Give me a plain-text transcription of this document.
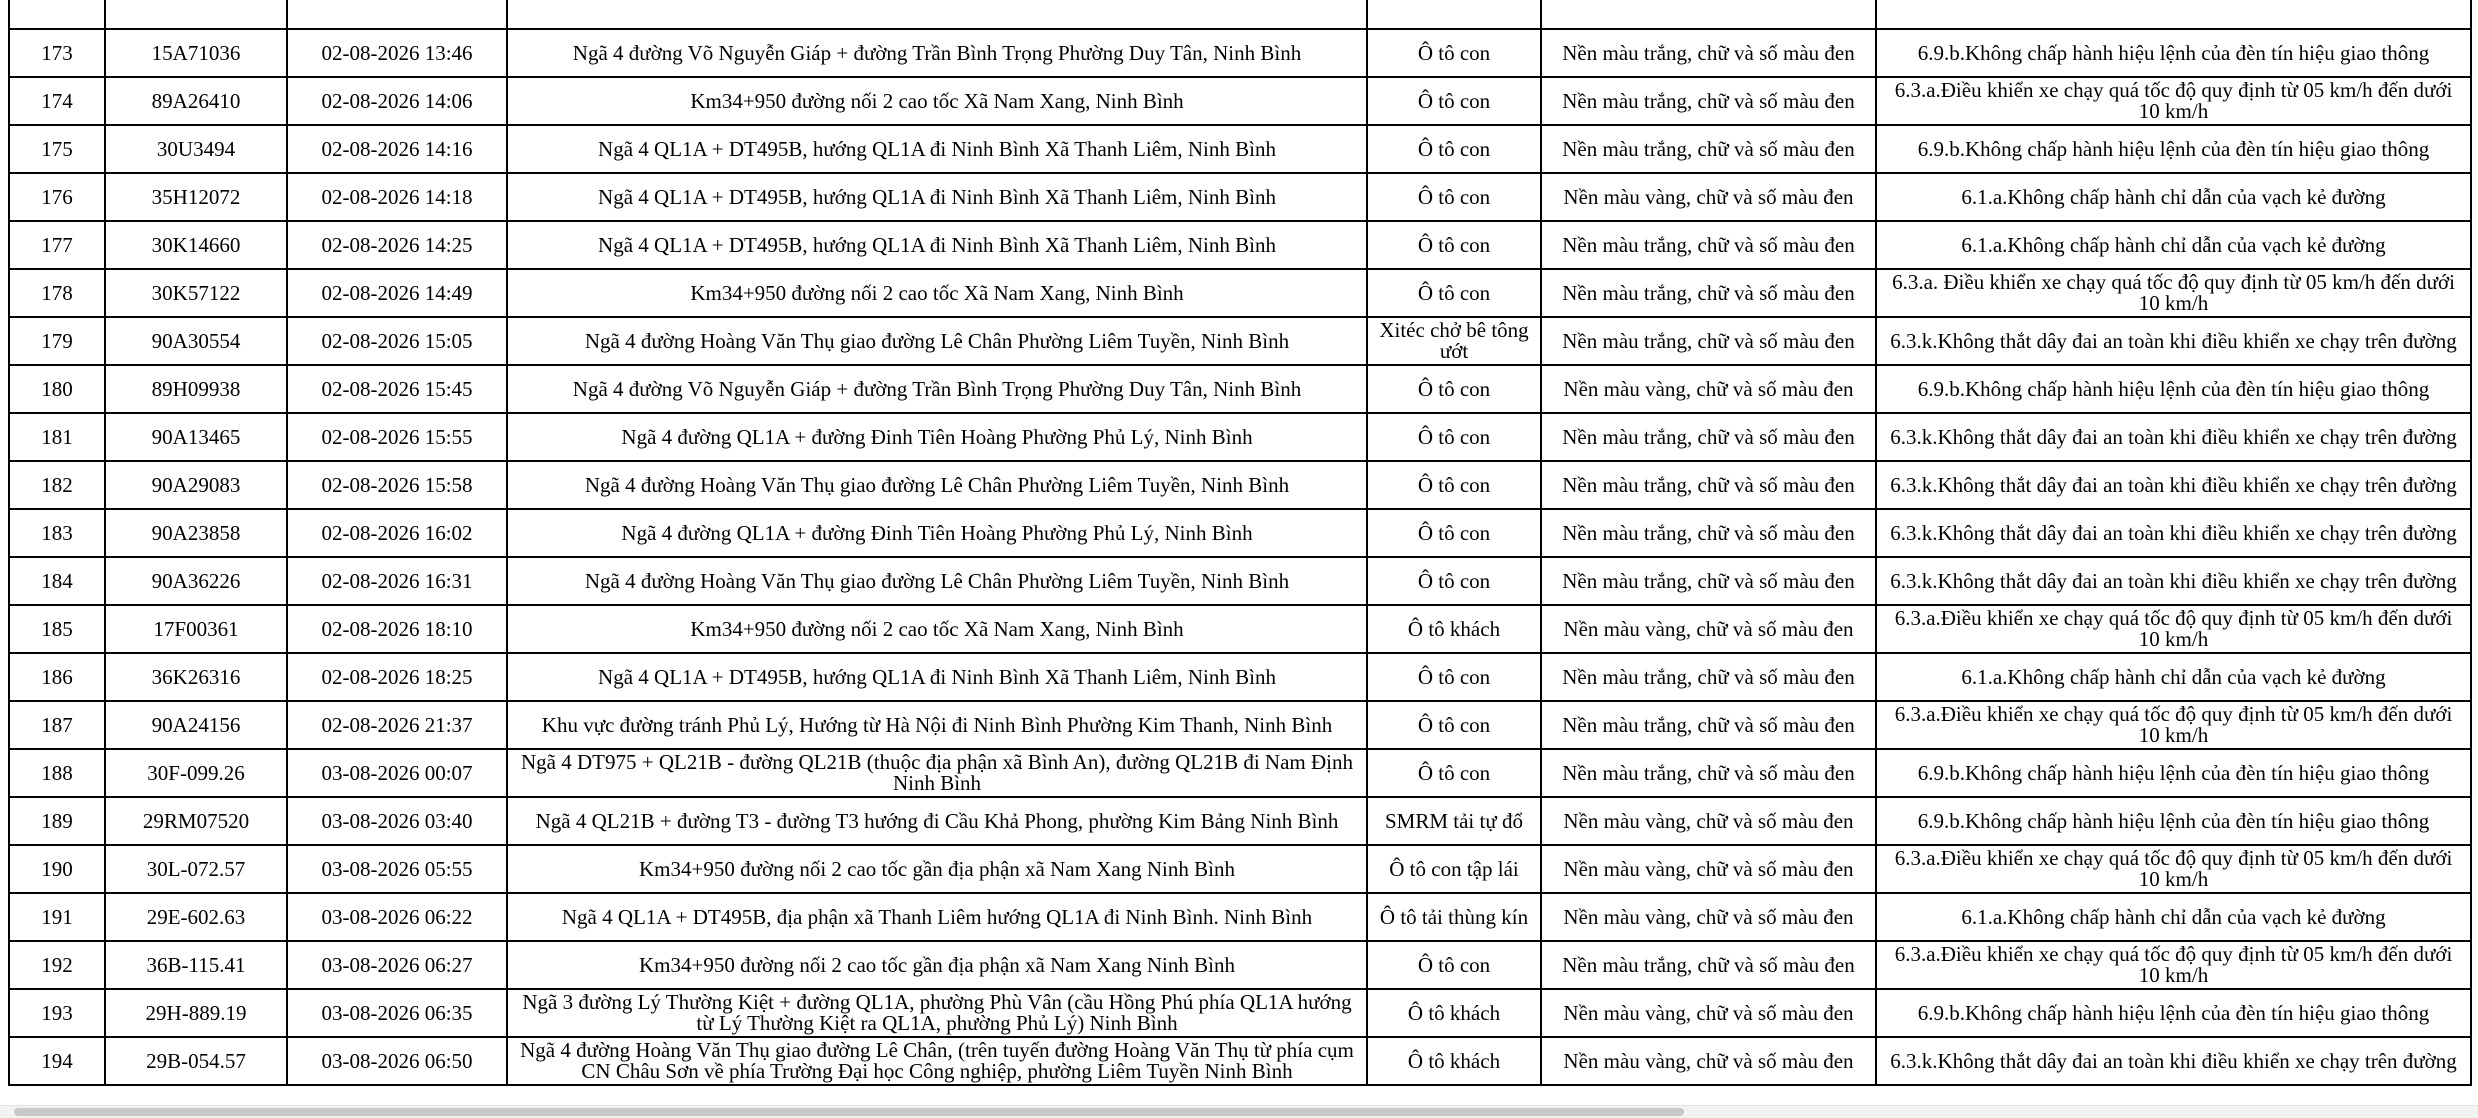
173	15A71036	02-08-2026 13:46	Ngã 4 đường Võ Nguyễn Giáp + đường Trần Bình Trọng Phường Duy Tân, Ninh Bình	Ô tô con	Nền màu trắng, chữ và số màu đen	6.9.b.Không chấp hành hiệu lệnh của đèn tín hiệu giao thông
174	89A26410	02-08-2026 14:06	Km34+950 đường nối 2 cao tốc Xã Nam Xang, Ninh Bình	Ô tô con	Nền màu trắng, chữ và số màu đen	6.3.a.Điều khiển xe chạy quá tốc độ quy định từ 05 km/h đến dưới 10 km/h
175	30U3494	02-08-2026 14:16	Ngã 4 QL1A + DT495B, hướng QL1A đi Ninh Bình Xã Thanh Liêm, Ninh Bình	Ô tô con	Nền màu trắng, chữ và số màu đen	6.9.b.Không chấp hành hiệu lệnh của đèn tín hiệu giao thông
176	35H12072	02-08-2026 14:18	Ngã 4 QL1A + DT495B, hướng QL1A đi Ninh Bình Xã Thanh Liêm, Ninh Bình	Ô tô con	Nền màu vàng, chữ và số màu đen	6.1.a.Không chấp hành chỉ dẫn của vạch kẻ đường
177	30K14660	02-08-2026 14:25	Ngã 4 QL1A + DT495B, hướng QL1A đi Ninh Bình Xã Thanh Liêm, Ninh Bình	Ô tô con	Nền màu trắng, chữ và số màu đen	6.1.a.Không chấp hành chỉ dẫn của vạch kẻ đường
178	30K57122	02-08-2026 14:49	Km34+950 đường nối 2 cao tốc Xã Nam Xang, Ninh Bình	Ô tô con	Nền màu trắng, chữ và số màu đen	6.3.a. Điều khiển xe chạy quá tốc độ quy định từ 05 km/h đến dưới 10 km/h
179	90A30554	02-08-2026 15:05	Ngã 4 đường Hoàng Văn Thụ giao đường Lê Chân Phường Liêm Tuyền, Ninh Bình	Xitéc chở bê tông ướt	Nền màu trắng, chữ và số màu đen	6.3.k.Không thắt dây đai an toàn khi điều khiển xe chạy trên đường
180	89H09938	02-08-2026 15:45	Ngã 4 đường Võ Nguyễn Giáp + đường Trần Bình Trọng Phường Duy Tân, Ninh Bình	Ô tô con	Nền màu vàng, chữ và số màu đen	6.9.b.Không chấp hành hiệu lệnh của đèn tín hiệu giao thông
181	90A13465	02-08-2026 15:55	Ngã 4 đường QL1A + đường Đinh Tiên Hoàng Phường Phủ Lý, Ninh Bình	Ô tô con	Nền màu trắng, chữ và số màu đen	6.3.k.Không thắt dây đai an toàn khi điều khiển xe chạy trên đường
182	90A29083	02-08-2026 15:58	Ngã 4 đường Hoàng Văn Thụ giao đường Lê Chân Phường Liêm Tuyền, Ninh Bình	Ô tô con	Nền màu trắng, chữ và số màu đen	6.3.k.Không thắt dây đai an toàn khi điều khiển xe chạy trên đường
183	90A23858	02-08-2026 16:02	Ngã 4 đường QL1A + đường Đinh Tiên Hoàng Phường Phủ Lý, Ninh Bình	Ô tô con	Nền màu trắng, chữ và số màu đen	6.3.k.Không thắt dây đai an toàn khi điều khiển xe chạy trên đường
184	90A36226	02-08-2026 16:31	Ngã 4 đường Hoàng Văn Thụ giao đường Lê Chân Phường Liêm Tuyền, Ninh Bình	Ô tô con	Nền màu trắng, chữ và số màu đen	6.3.k.Không thắt dây đai an toàn khi điều khiển xe chạy trên đường
185	17F00361	02-08-2026 18:10	Km34+950 đường nối 2 cao tốc Xã Nam Xang, Ninh Bình	Ô tô khách	Nền màu vàng, chữ và số màu đen	6.3.a.Điều khiển xe chạy quá tốc độ quy định từ 05 km/h đến dưới 10 km/h
186	36K26316	02-08-2026 18:25	Ngã 4 QL1A + DT495B, hướng QL1A đi Ninh Bình Xã Thanh Liêm, Ninh Bình	Ô tô con	Nền màu trắng, chữ và số màu đen	6.1.a.Không chấp hành chỉ dẫn của vạch kẻ đường
187	90A24156	02-08-2026 21:37	Khu vực đường tránh Phủ Lý, Hướng từ Hà Nội đi Ninh Bình Phường Kim Thanh, Ninh Bình	Ô tô con	Nền màu trắng, chữ và số màu đen	6.3.a.Điều khiển xe chạy quá tốc độ quy định từ 05 km/h đến dưới 10 km/h
188	30F-099.26	03-08-2026 00:07	Ngã 4 DT975 + QL21B - đường QL21B (thuộc địa phận xã Bình An), đường QL21B đi Nam Định Ninh Bình	Ô tô con	Nền màu trắng, chữ và số màu đen	6.9.b.Không chấp hành hiệu lệnh của đèn tín hiệu giao thông
189	29RM07520	03-08-2026 03:40	Ngã 4 QL21B + đường T3 - đường T3 hướng đi Cầu Khả Phong, phường Kim Bảng Ninh Bình	SMRM tải tự đổ	Nền màu vàng, chữ và số màu đen	6.9.b.Không chấp hành hiệu lệnh của đèn tín hiệu giao thông
190	30L-072.57	03-08-2026 05:55	Km34+950 đường nối 2 cao tốc gần địa phận xã Nam Xang Ninh Bình	Ô tô con tập lái	Nền màu vàng, chữ và số màu đen	6.3.a.Điều khiển xe chạy quá tốc độ quy định từ 05 km/h đến dưới 10 km/h
191	29E-602.63	03-08-2026 06:22	Ngã 4 QL1A + DT495B, địa phận xã Thanh Liêm hướng QL1A đi Ninh Bình. Ninh Bình	Ô tô tải thùng kín	Nền màu vàng, chữ và số màu đen	6.1.a.Không chấp hành chỉ dẫn của vạch kẻ đường
192	36B-115.41	03-08-2026 06:27	Km34+950 đường nối 2 cao tốc gần địa phận xã Nam Xang Ninh Bình	Ô tô con	Nền màu trắng, chữ và số màu đen	6.3.a.Điều khiển xe chạy quá tốc độ quy định từ 05 km/h đến dưới 10 km/h
193	29H-889.19	03-08-2026 06:35	Ngã 3 đường Lý Thường Kiệt + đường QL1A, phường Phù Vân (cầu Hồng Phú phía QL1A hướng từ Lý Thường Kiệt ra QL1A, phường Phủ Lý) Ninh Bình	Ô tô khách	Nền màu vàng, chữ và số màu đen	6.9.b.Không chấp hành hiệu lệnh của đèn tín hiệu giao thông
194	29B-054.57	03-08-2026 06:50	Ngã 4 đường Hoàng Văn Thụ giao đường Lê Chân, (trên tuyến đường Hoàng Văn Thụ từ phía cụm CN Châu Sơn về phía Trường Đại học Công nghiệp, phường Liêm Tuyền Ninh Bình	Ô tô khách	Nền màu vàng, chữ và số màu đen	6.3.k.Không thắt dây đai an toàn khi điều khiển xe chạy trên đường
